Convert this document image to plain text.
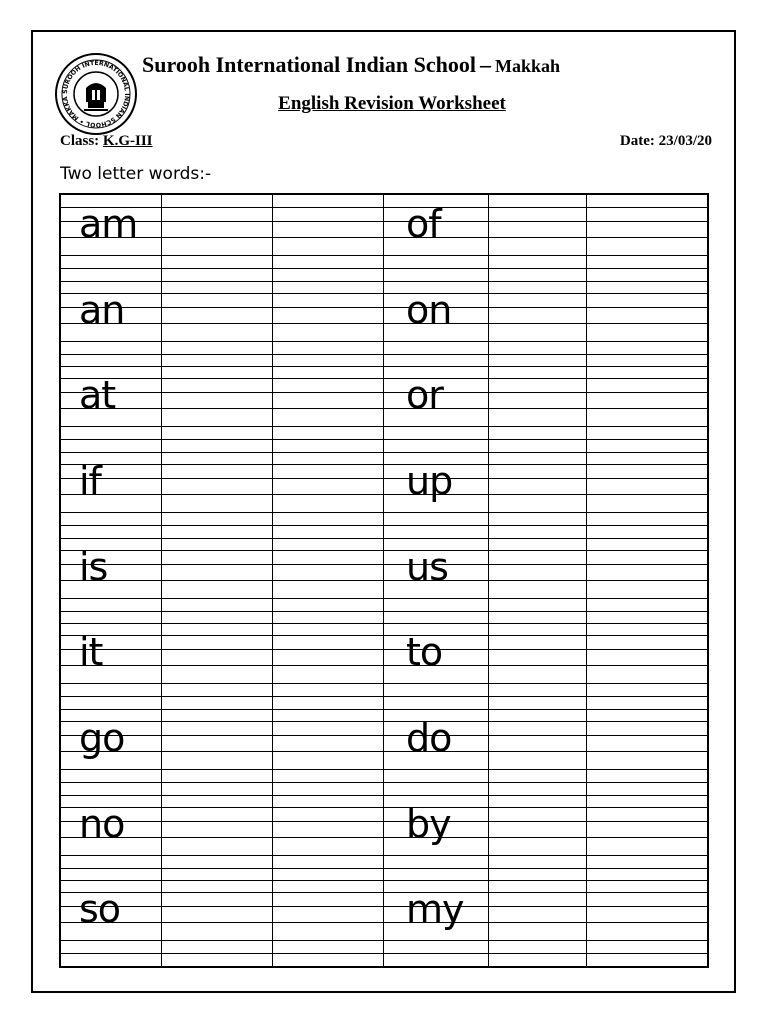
SUROOH INTERNATIONAL INDIAN SCHOOL • MAKKA
Surooh International Indian School – Makkah
English Revision Worksheet
Class: K.G-III	Date: 23/03/20
Two letter words:-
am
an
at
if
is
it
go
no
so
of
on
or
up
us
to
do
by
my
